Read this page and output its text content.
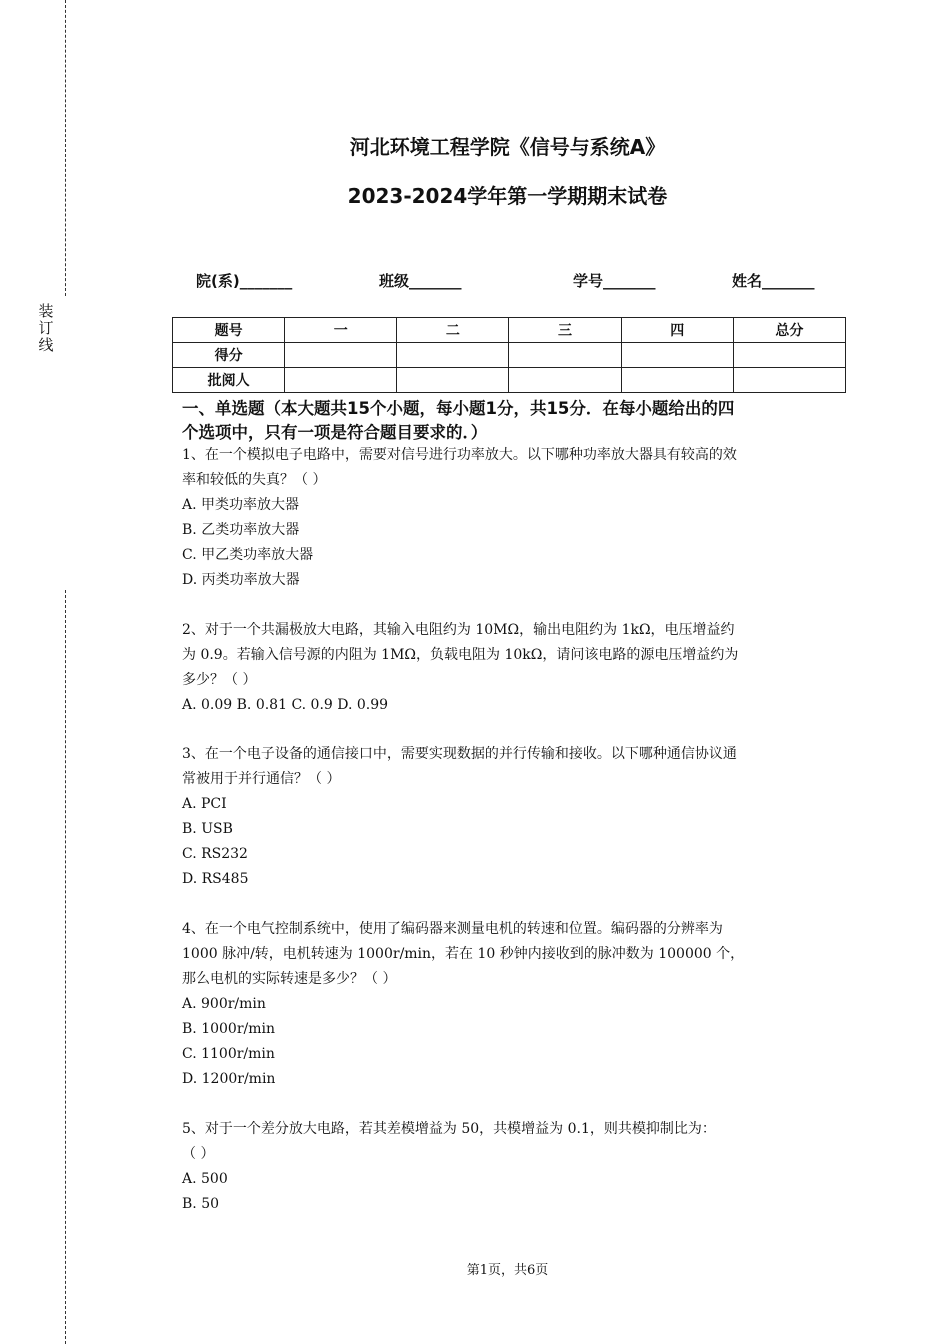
装
订
线
河北环境工程学院《信号与系统A》
2023-2024学年第一学期期末试卷
院(系)_______	班级_______	学号_______	姓名_______
题号	一	二	三	四	总分
得分					
批阅人					
一、单选题（本大题共15个小题，每小题1分，共15分．在每小题给出的四
个选项中，只有一项是符合题目要求的．）
1、在一个模拟电子电路中，需要对信号进行功率放大。以下哪种功率放大器具有较高的效
率和较低的失真？（ ）
A. 甲类功率放大器
B. 乙类功率放大器
C. 甲乙类功率放大器
D. 丙类功率放大器
2、对于一个共漏极放大电路，其输入电阻约为 10MΩ，输出电阻约为 1kΩ，电压增益约
为 0.9。若输入信号源的内阻为 1MΩ，负载电阻为 10kΩ，请问该电路的源电压增益约为
多少？（ ）
A. 0.09 B. 0.81 C. 0.9 D. 0.99
3、在一个电子设备的通信接口中，需要实现数据的并行传输和接收。以下哪种通信协议通
常被用于并行通信？（ ）
A. PCI
B. USB
C. RS232
D. RS485
4、在一个电气控制系统中，使用了编码器来测量电机的转速和位置。编码器的分辨率为
1000 脉冲/转，电机转速为 1000r/min，若在 10 秒钟内接收到的脉冲数为 100000 个，
那么电机的实际转速是多少？（ ）
A. 900r/min
B. 1000r/min
C. 1100r/min
D. 1200r/min
5、对于一个差分放大电路，若其差模增益为 50，共模增益为 0.1，则共模抑制比为：
（ ）
A. 500
B. 50
第1页，共6页
